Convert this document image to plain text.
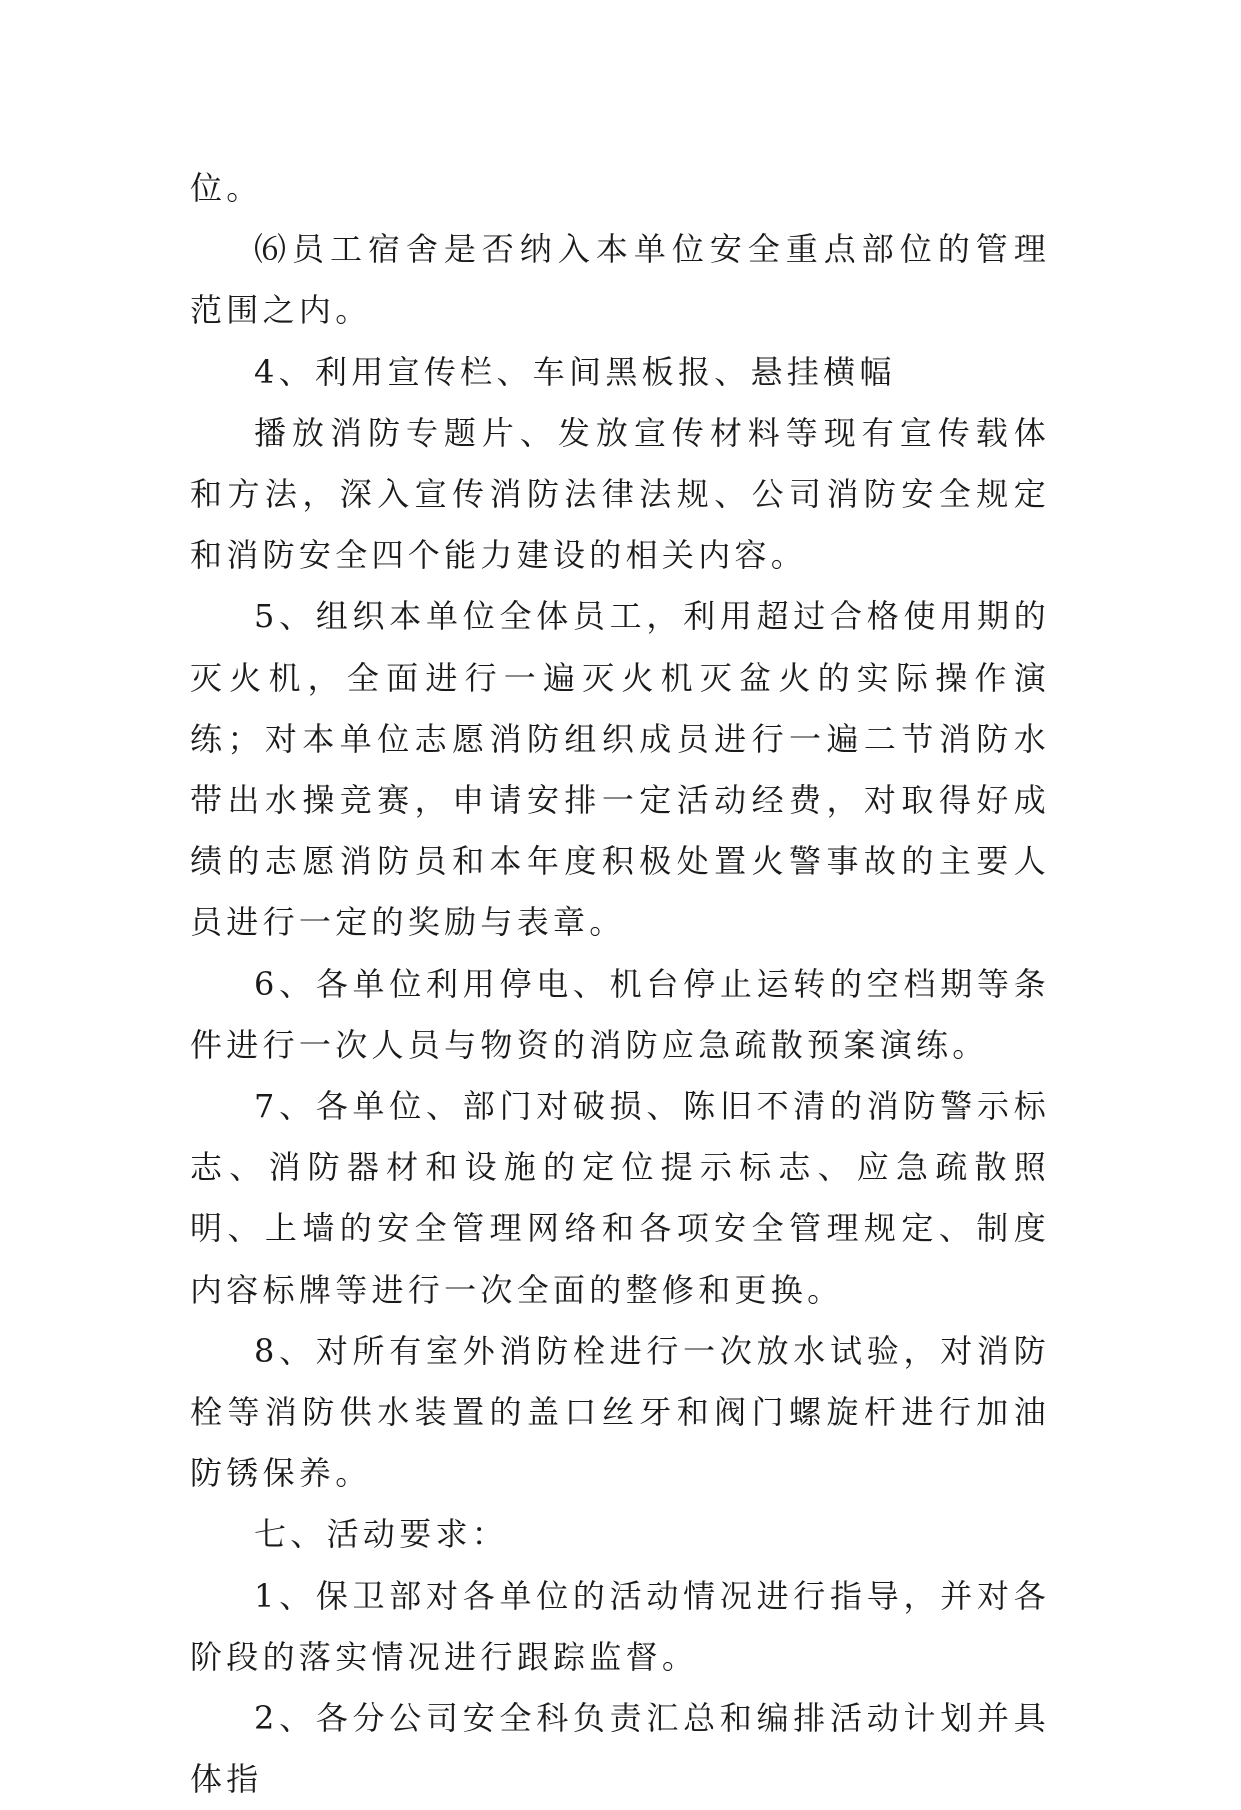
位。

⑹员工宿舍是否纳入本单位安全重点部位的管理范围之内。

4、利用宣传栏、车间黑板报、悬挂横幅

播放消防专题片、发放宣传材料等现有宣传载体和方法，深入宣传消防法律法规、公司消防安全规定和消防安全四个能力建设的相关内容。

5、组织本单位全体员工，利用超过合格使用期的灭火机，全面进行一遍灭火机灭盆火的实际操作演练；对本单位志愿消防组织成员进行一遍二节消防水带出水操竞赛，申请安排一定活动经费，对取得好成绩的志愿消防员和本年度积极处置火警事故的主要人员进行一定的奖励与表章。

6、各单位利用停电、机台停止运转的空档期等条件进行一次人员与物资的消防应急疏散预案演练。

7、各单位、部门对破损、陈旧不清的消防警示标志、消防器材和设施的定位提示标志、应急疏散照明、上墙的安全管理网络和各项安全管理规定、制度内容标牌等进行一次全面的整修和更换。

8、对所有室外消防栓进行一次放水试验，对消防栓等消防供水装置的盖口丝牙和阀门螺旋杆进行加油防锈保养。

七、活动要求：

1、保卫部对各单位的活动情况进行指导，并对各阶段的落实情况进行跟踪监督。

2、各分公司安全科负责汇总和编排活动计划并具体指
